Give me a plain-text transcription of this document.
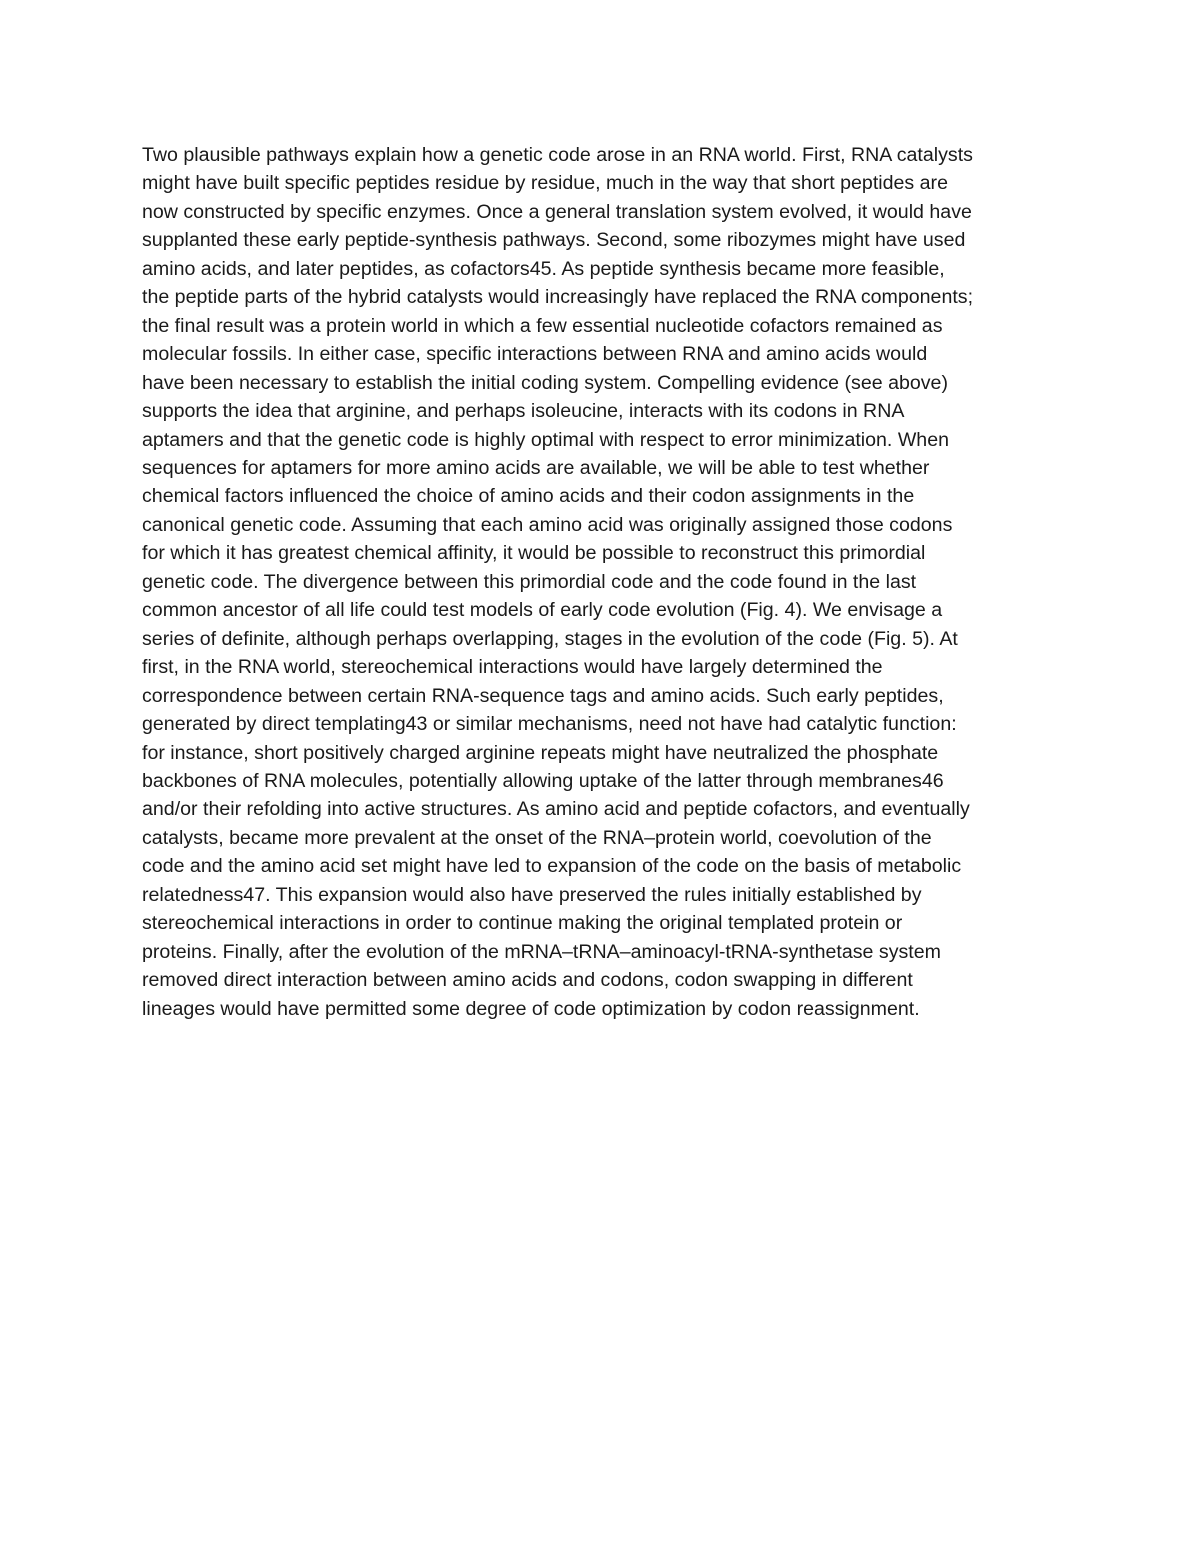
Two plausible pathways explain how a genetic code arose in an RNA world. First, RNA catalysts
might have built specific peptides residue by residue, much in the way that short peptides are
now constructed by specific enzymes. Once a general translation system evolved, it would have
supplanted these early peptide-synthesis pathways. Second, some ribozymes might have used
amino acids, and later peptides, as cofactors45. As peptide synthesis became more feasible,
the peptide parts of the hybrid catalysts would increasingly have replaced the RNA components;
the final result was a protein world in which a few essential nucleotide cofactors remained as
molecular fossils. In either case, specific interactions between RNA and amino acids would
have been necessary to establish the initial coding system. Compelling evidence (see above)
supports the idea that arginine, and perhaps isoleucine, interacts with its codons in RNA
aptamers and that the genetic code is highly optimal with respect to error minimization. When
sequences for aptamers for more amino acids are available, we will be able to test whether
chemical factors influenced the choice of amino acids and their codon assignments in the
canonical genetic code. Assuming that each amino acid was originally assigned those codons
for which it has greatest chemical affinity, it would be possible to reconstruct this primordial
genetic code. The divergence between this primordial code and the code found in the last
common ancestor of all life could test models of early code evolution (Fig. 4). We envisage a
series of definite, although perhaps overlapping, stages in the evolution of the code (Fig. 5). At
first, in the RNA world, stereochemical interactions would have largely determined the
correspondence between certain RNA-sequence tags and amino acids. Such early peptides,
generated by direct templating43 or similar mechanisms, need not have had catalytic function:
for instance, short positively charged arginine repeats might have neutralized the phosphate
backbones of RNA molecules, potentially allowing uptake of the latter through membranes46
and/or their refolding into active structures. As amino acid and peptide cofactors, and eventually
catalysts, became more prevalent at the onset of the RNA–protein world, coevolution of the
code and the amino acid set might have led to expansion of the code on the basis of metabolic
relatedness47. This expansion would also have preserved the rules initially established by
stereochemical interactions in order to continue making the original templated protein or
proteins. Finally, after the evolution of the mRNA–tRNA–aminoacyl-tRNA-synthetase system
removed direct interaction between amino acids and codons, codon swapping in different
lineages would have permitted some degree of code optimization by codon reassignment.
